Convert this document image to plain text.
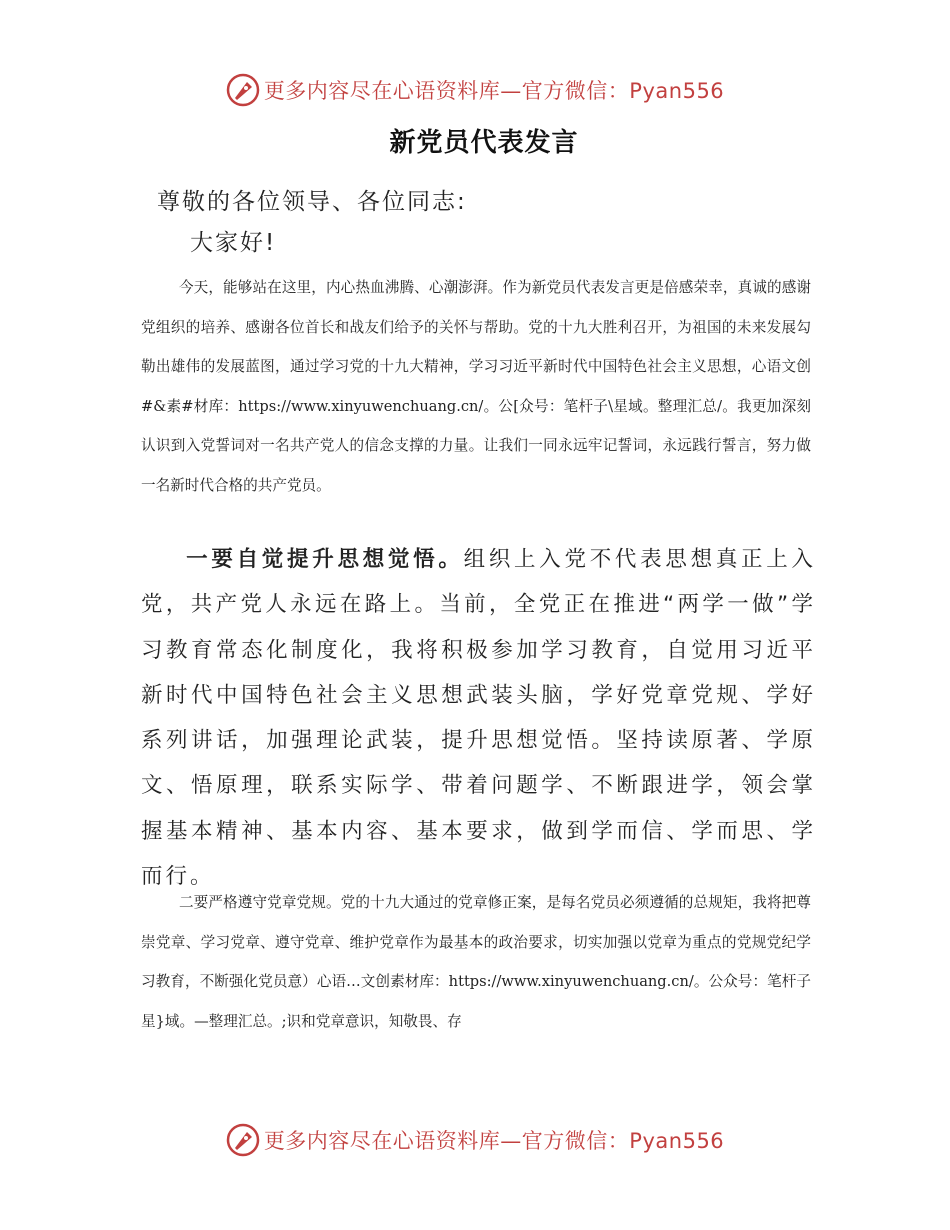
更多内容尽在心语资料库—官方微信：Pyan556
新党员代表发言
尊敬的各位领导、各位同志:
大家好!

今天，能够站在这里，内心热血沸腾、心潮澎湃。作为新党员代表发言更是倍感荣幸，真诚的感谢党组织的培养、感谢各位首长和战友们给予的关怀与帮助。党的十九大胜利召开，为祖国的未来发展勾勒出雄伟的发展蓝图，通过学习党的十九大精神，学习习近平新时代中国特色社会主义思想，心语文创#&素#材库：https://www.xinyuwenchuang.cn/。公[众号：笔杆子\星域。整理汇总/。我更加深刻认识到入党誓词对一名共产党人的信念支撑的力量。让我们一同永远牢记誓词，永远践行誓言，努力做一名新时代合格的共产党员。

一要自觉提升思想觉悟。组织上入党不代表思想真正上入党，共产党人永远在路上。当前，全党正在推进“两学一做”学习教育常态化制度化，我将积极参加学习教育，自觉用习近平新时代中国特色社会主义思想武装头脑，学好党章党规、学好系列讲话，加强理论武装，提升思想觉悟。坚持读原著、学原文、悟原理，联系实际学、带着问题学、不断跟进学，领会掌握基本精神、基本内容、基本要求，做到学而信、学而思、学而行。

二要严格遵守党章党规。党的十九大通过的党章修正案，是每名党员必须遵循的总规矩，我将把尊崇党章、学习党章、遵守党章、维护党章作为最基本的政治要求，切实加强以党章为重点的党规党纪学习教育，不断强化党员意）心语…文创素材库：https://www.xinyuwenchuang.cn/。公众号：笔杆子星}域。—整理汇总。;识和党章意识，知敬畏、存

更多内容尽在心语资料库—官方微信：Pyan556
